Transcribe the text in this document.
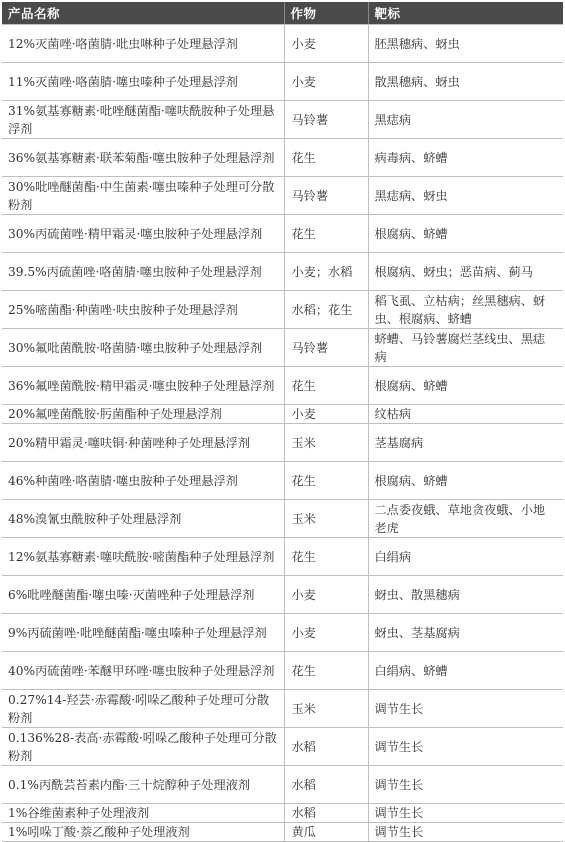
产品名称	作物	靶标
12%灭菌唑·咯菌腈·吡虫啉种子处理悬浮剂	小麦	胚黑穗病、蚜虫
11%灭菌唑·咯菌腈·噻虫嗪种子处理悬浮剂	小麦	散黑穗病、蚜虫
31%氨基寡糖素·吡唑醚菌酯·噻呋酰胺种子处理悬浮剂	马铃薯	黑痣病
36%氨基寡糖素·联苯菊酯·噻虫胺种子处理悬浮剂	花生	病毒病、蛴螬
30%吡唑醚菌酯·中生菌素·噻虫嗪种子处理可分散粉剂	马铃薯	黑痣病、蚜虫
30%丙硫菌唑·精甲霜灵·噻虫胺种子处理悬浮剂	花生	根腐病、蛴螬
39.5%丙硫菌唑·咯菌腈·噻虫胺种子处理悬浮剂	小麦；水稻	根腐病、蚜虫；恶苗病、蓟马
25%嘧菌酯·种菌唑·呋虫胺种子处理悬浮剂	水稻；花生	稻飞虱、立枯病；丝黑穗病、蚜虫、根腐病、蛴螬
30%氟吡菌酰胺·咯菌腈·噻虫胺种子处理悬浮剂	马铃薯	蛴螬、马铃薯腐烂茎线虫、黑痣病
36%氟唑菌酰胺·精甲霜灵·噻虫胺种子处理悬浮剂	花生	根腐病、蛴螬
20%氟唑菌酰胺·肟菌酯种子处理悬浮剂	小麦	纹枯病
20%精甲霜灵·噻呋铜·种菌唑种子处理悬浮剂	玉米	茎基腐病
46%种菌唑·咯菌腈·噻虫胺种子处理悬浮剂	花生	根腐病、蛴螬
48%溴氰虫酰胺种子处理悬浮剂	玉米	二点委夜蛾、草地贪夜蛾、小地老虎
12%氨基寡糖素·噻呋酰胺·嘧菌酯种子处理悬浮剂	花生	白绢病
6%吡唑醚菌酯·噻虫嗪·灭菌唑种子处理悬浮剂	小麦	蚜虫、散黑穗病
9%丙硫菌唑·吡唑醚菌酯·噻虫嗪种子处理悬浮剂	小麦	蚜虫、茎基腐病
40%丙硫菌唑·苯醚甲环唑·噻虫胺种子处理悬浮剂	花生	白绢病、蛴螬
0.27%14-羟芸·赤霉酸·吲哚乙酸种子处理可分散粉剂	玉米	调节生长
0.136%28-表高·赤霉酸·吲哚乙酸种子处理可分散粉剂	水稻	调节生长
0.1%丙酰芸苔素内酯·三十烷醇种子处理液剂	水稻	调节生长
1%谷维菌素种子处理液剂	水稻	调节生长
1%吲哚丁酸·萘乙酸种子处理液剂	黄瓜	调节生长
